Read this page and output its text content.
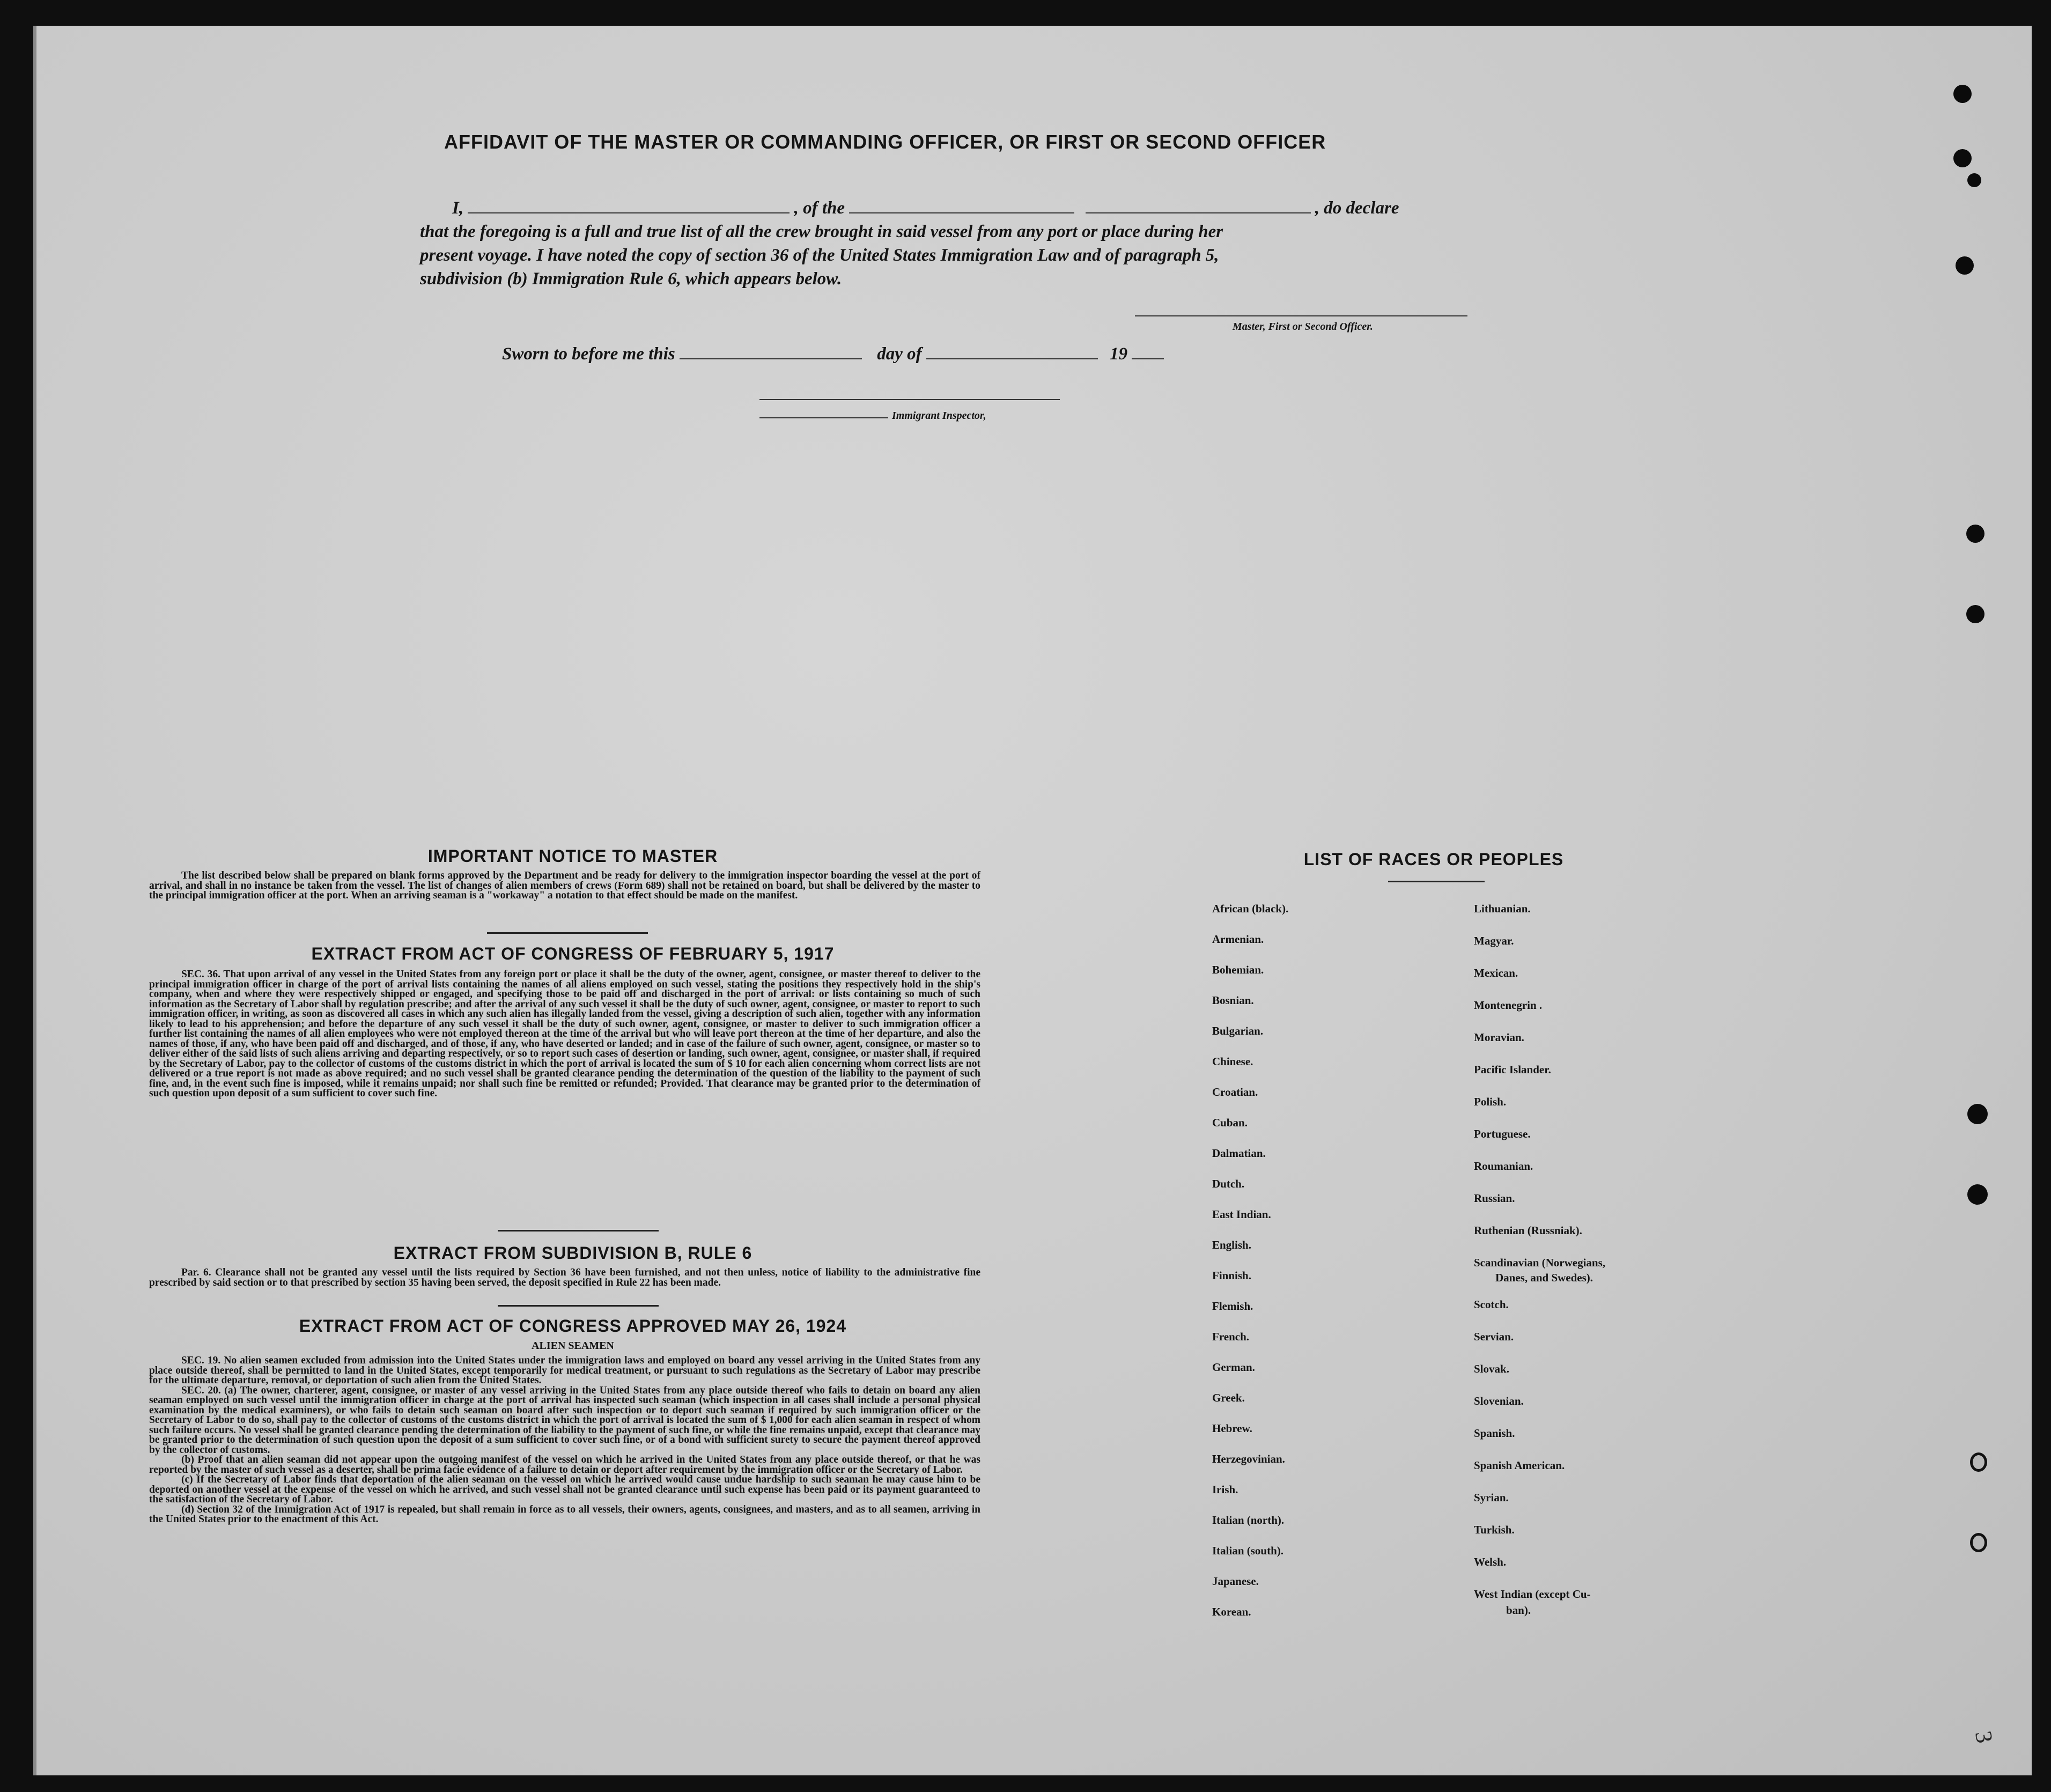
AFFIDAVIT OF THE MASTER OR COMMANDING OFFICER, OR FIRST OR SECOND OFFICER
I,	, of the	, do declare
that the foregoing is a full and true list of all the crew brought in said vessel from any port or place during her
present voyage. I have noted the copy of section 36 of the United States Immigration Law and of paragraph 5,
subdivision (b) Immigration Rule 6, which appears below.
Master, First or Second Officer.
Sworn to before me this	day of	19
Immigrant Inspector,
IMPORTANT NOTICE TO MASTER

The list described below shall be prepared on blank forms approved by the Department and be ready for delivery to the immigration inspector boarding the vessel at the port of arrival, and shall in no instance be taken from the vessel. The list of changes of alien members of crews (Form 689) shall not be retained on board, but shall be delivered by the master to the principal immigration officer at the port. When an arriving seaman is a "workaway" a notation to that effect should be made on the manifest.

EXTRACT FROM ACT OF CONGRESS OF FEBRUARY 5, 1917

SEC. 36. That upon arrival of any vessel in the United States from any foreign port or place it shall be the duty of the owner, agent, consignee, or master thereof to deliver to the principal immigration officer in charge of the port of arrival lists containing the names of all aliens employed on such vessel, stating the positions they respectively hold in the ship's company, when and where they were respectively shipped or engaged, and specifying those to be paid off and discharged in the port of arrival: or lists containing so much of such information as the Secretary of Labor shall by regulation prescribe; and after the arrival of any such vessel it shall be the duty of such owner, agent, consignee, or master to report to such immigration officer, in writing, as soon as discovered all cases in which any such alien has illegally landed from the vessel, giving a description of such alien, together with any information likely to lead to his apprehension; and before the departure of any such vessel it shall be the duty of such owner, agent, consignee, or master to deliver to such immigration officer a further list containing the names of all alien employees who were not employed thereon at the time of the arrival but who will leave port thereon at the time of her departure, and also the names of those, if any, who have been paid off and discharged, and of those, if any, who have deserted or landed; and in case of the failure of such owner, agent, consignee, or master so to deliver either of the said lists of such aliens arriving and departing respectively, or so to report such cases of desertion or landing, such owner, agent, consignee, or master shall, if required by the Secretary of Labor, pay to the collector of customs of the customs district in which the port of arrival is located the sum of $ 10 for each alien concerning whom correct lists are not delivered or a true report is not made as above required; and no such vessel shall be granted clearance pending the determination of the question of the liability to the payment of such fine, and, in the event such fine is imposed, while it remains unpaid; nor shall such fine be remitted or refunded; Provided. That clearance may be granted prior to the determination of such question upon deposit of a sum sufficient to cover such fine.

EXTRACT FROM SUBDIVISION B, RULE 6

Par. 6. Clearance shall not be granted any vessel until the lists required by Section 36 have been furnished, and not then unless, notice of liability to the administrative fine prescribed by said section or to that prescribed by section 35 having been served, the deposit specified in Rule 22 has been made.

EXTRACT FROM ACT OF CONGRESS APPROVED MAY 26, 1924
ALIEN SEAMEN

SEC. 19. No alien seamen excluded from admission into the United States under the immigration laws and employed on board any vessel arriving in the United States from any place outside thereof, shall be permitted to land in the United States, except temporarily for medical treatment, or pursuant to such regulations as the Secretary of Labor may prescribe for the ultimate departure, removal, or deportation of such alien from the United States.

SEC. 20. (a) The owner, charterer, agent, consignee, or master of any vessel arriving in the United States from any place outside thereof who fails to detain on board any alien seaman employed on such vessel until the immigration officer in charge at the port of arrival has inspected such seaman (which inspection in all cases shall include a personal physical examination by the medical examiners), or who fails to detain such seaman on board after such inspection or to deport such seaman if required by such immigration officer or the Secretary of Labor to do so, shall pay to the collector of customs of the customs district in which the port of arrival is located the sum of $ 1,000 for each alien seaman in respect of whom such failure occurs. No vessel shall be granted clearance pending the determination of the liability to the payment of such fine, or while the fine remains unpaid, except that clearance may be granted prior to the determination of such question upon the deposit of a sum sufficient to cover such fine, or of a bond with sufficient surety to secure the payment thereof approved by the collector of customs.

(b) Proof that an alien seaman did not appear upon the outgoing manifest of the vessel on which he arrived in the United States from any place outside thereof, or that he was reported by the master of such vessel as a deserter, shall be prima facie evidence of a failure to detain or deport after requirement by the immigration officer or the Secretary of Labor.

(c) If the Secretary of Labor finds that deportation of the alien seaman on the vessel on which he arrived would cause undue hardship to such seaman he may cause him to be deported on another vessel at the expense of the vessel on which he arrived, and such vessel shall not be granted clearance until such expense has been paid or its payment guaranteed to the satisfaction of the Secretary of Labor.

(d) Section 32 of the Immigration Act of 1917 is repealed, but shall remain in force as to all vessels, their owners, agents, consignees, and masters, and as to all seamen, arriving in the United States prior to the enactment of this Act.

LIST OF RACES OR PEOPLES
African (black).
Armenian.
Bohemian.
Bosnian.
Bulgarian.
Chinese.
Croatian.
Cuban.
Dalmatian.
Dutch.
East Indian.
English.
Finnish.
Flemish.
French.
German.
Greek.
Hebrew.
Herzegovinian.
Irish.
Italian (north).
Italian (south).
Japanese.
Korean.
Lithuanian.
Magyar.
Mexican.
Montenegrin .
Moravian.
Pacific Islander.
Polish.
Portuguese.
Roumanian.
Russian.
Ruthenian (Russniak).
Scandinavian (Norwegians,
Danes, and Swedes).
Scotch.
Servian.
Slovak.
Slovenian.
Spanish.
Spanish American.
Syrian.
Turkish.
Welsh.
West Indian (except Cu-
ban).
3
